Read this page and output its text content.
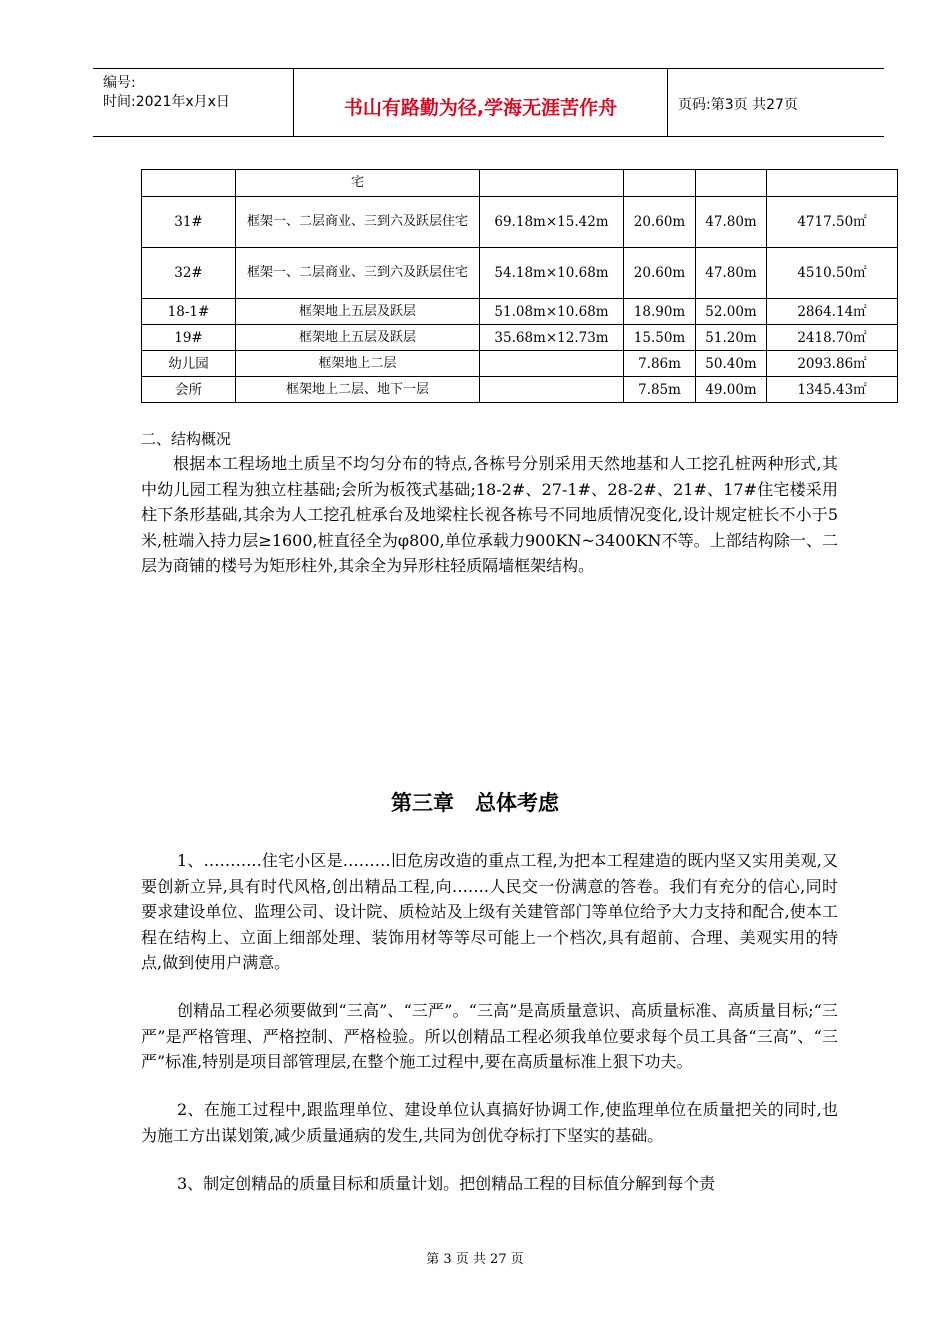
编号:
时间:2021年x月x日	书山有路勤为径,学海无涯苦作舟	页码:第3页 共27页
	宅				
31#	框架一、二层商业、三到六及跃层住宅	69.18m×15.42m	20.60m	47.80m	4717.50㎡
32#	框架一、二层商业、三到六及跃层住宅	54.18m×10.68m	20.60m	47.80m	4510.50㎡
18-1#	框架地上五层及跃层	51.08m×10.68m	18.90m	52.00m	2864.14㎡
19#	框架地上五层及跃层	35.68m×12.73m	15.50m	51.20m	2418.70㎡
幼儿园	框架地上二层		7.86m	50.40m	2093.86㎡
会所	框架地上二层、地下一层		7.85m	49.00m	1345.43㎡
二、结构概况

根据本工程场地土质呈不均匀分布的特点,各栋号分别采用天然地基和人工挖孔桩两种形式,其中幼儿园工程为独立柱基础;会所为板筏式基础;18-2#、27-1#、28-2#、21#、17#住宅楼采用柱下条形基础,其余为人工挖孔桩承台及地梁柱长视各栋号不同地质情况变化,设计规定桩长不小于5米,桩端入持力层≥1600,桩直径全为φ800,单位承载力900KN~3400KN不等。上部结构除一、二层为商铺的楼号为矩形柱外,其余全为异形柱轻质隔墙框架结构。

第三章　总体考虑

1、………..住宅小区是………旧危房改造的重点工程,为把本工程建造的既内坚又实用美观,又要创新立异,具有时代风格,创出精品工程,向…….人民交一份满意的答卷。我们有充分的信心,同时要求建设单位、监理公司、设计院、质检站及上级有关建管部门等单位给予大力支持和配合,使本工程在结构上、立面上细部处理、装饰用材等等尽可能上一个档次,具有超前、合理、美观实用的特点,做到使用户满意。

创精品工程必须要做到“三高”、“三严”。“三高”是高质量意识、高质量标准、高质量目标;“三严”是严格管理、严格控制、严格检验。所以创精品工程必须我单位要求每个员工具备“三高”、“三严”标准,特别是项目部管理层,在整个施工过程中,要在高质量标准上狠下功夫。

2、在施工过程中,跟监理单位、建设单位认真搞好协调工作,使监理单位在质量把关的同时,也为施工方出谋划策,减少质量通病的发生,共同为创优夺标打下坚实的基础。

3、制定创精品的质量目标和质量计划。把创精品工程的目标值分解到每个责

第 3 页 共 27 页
